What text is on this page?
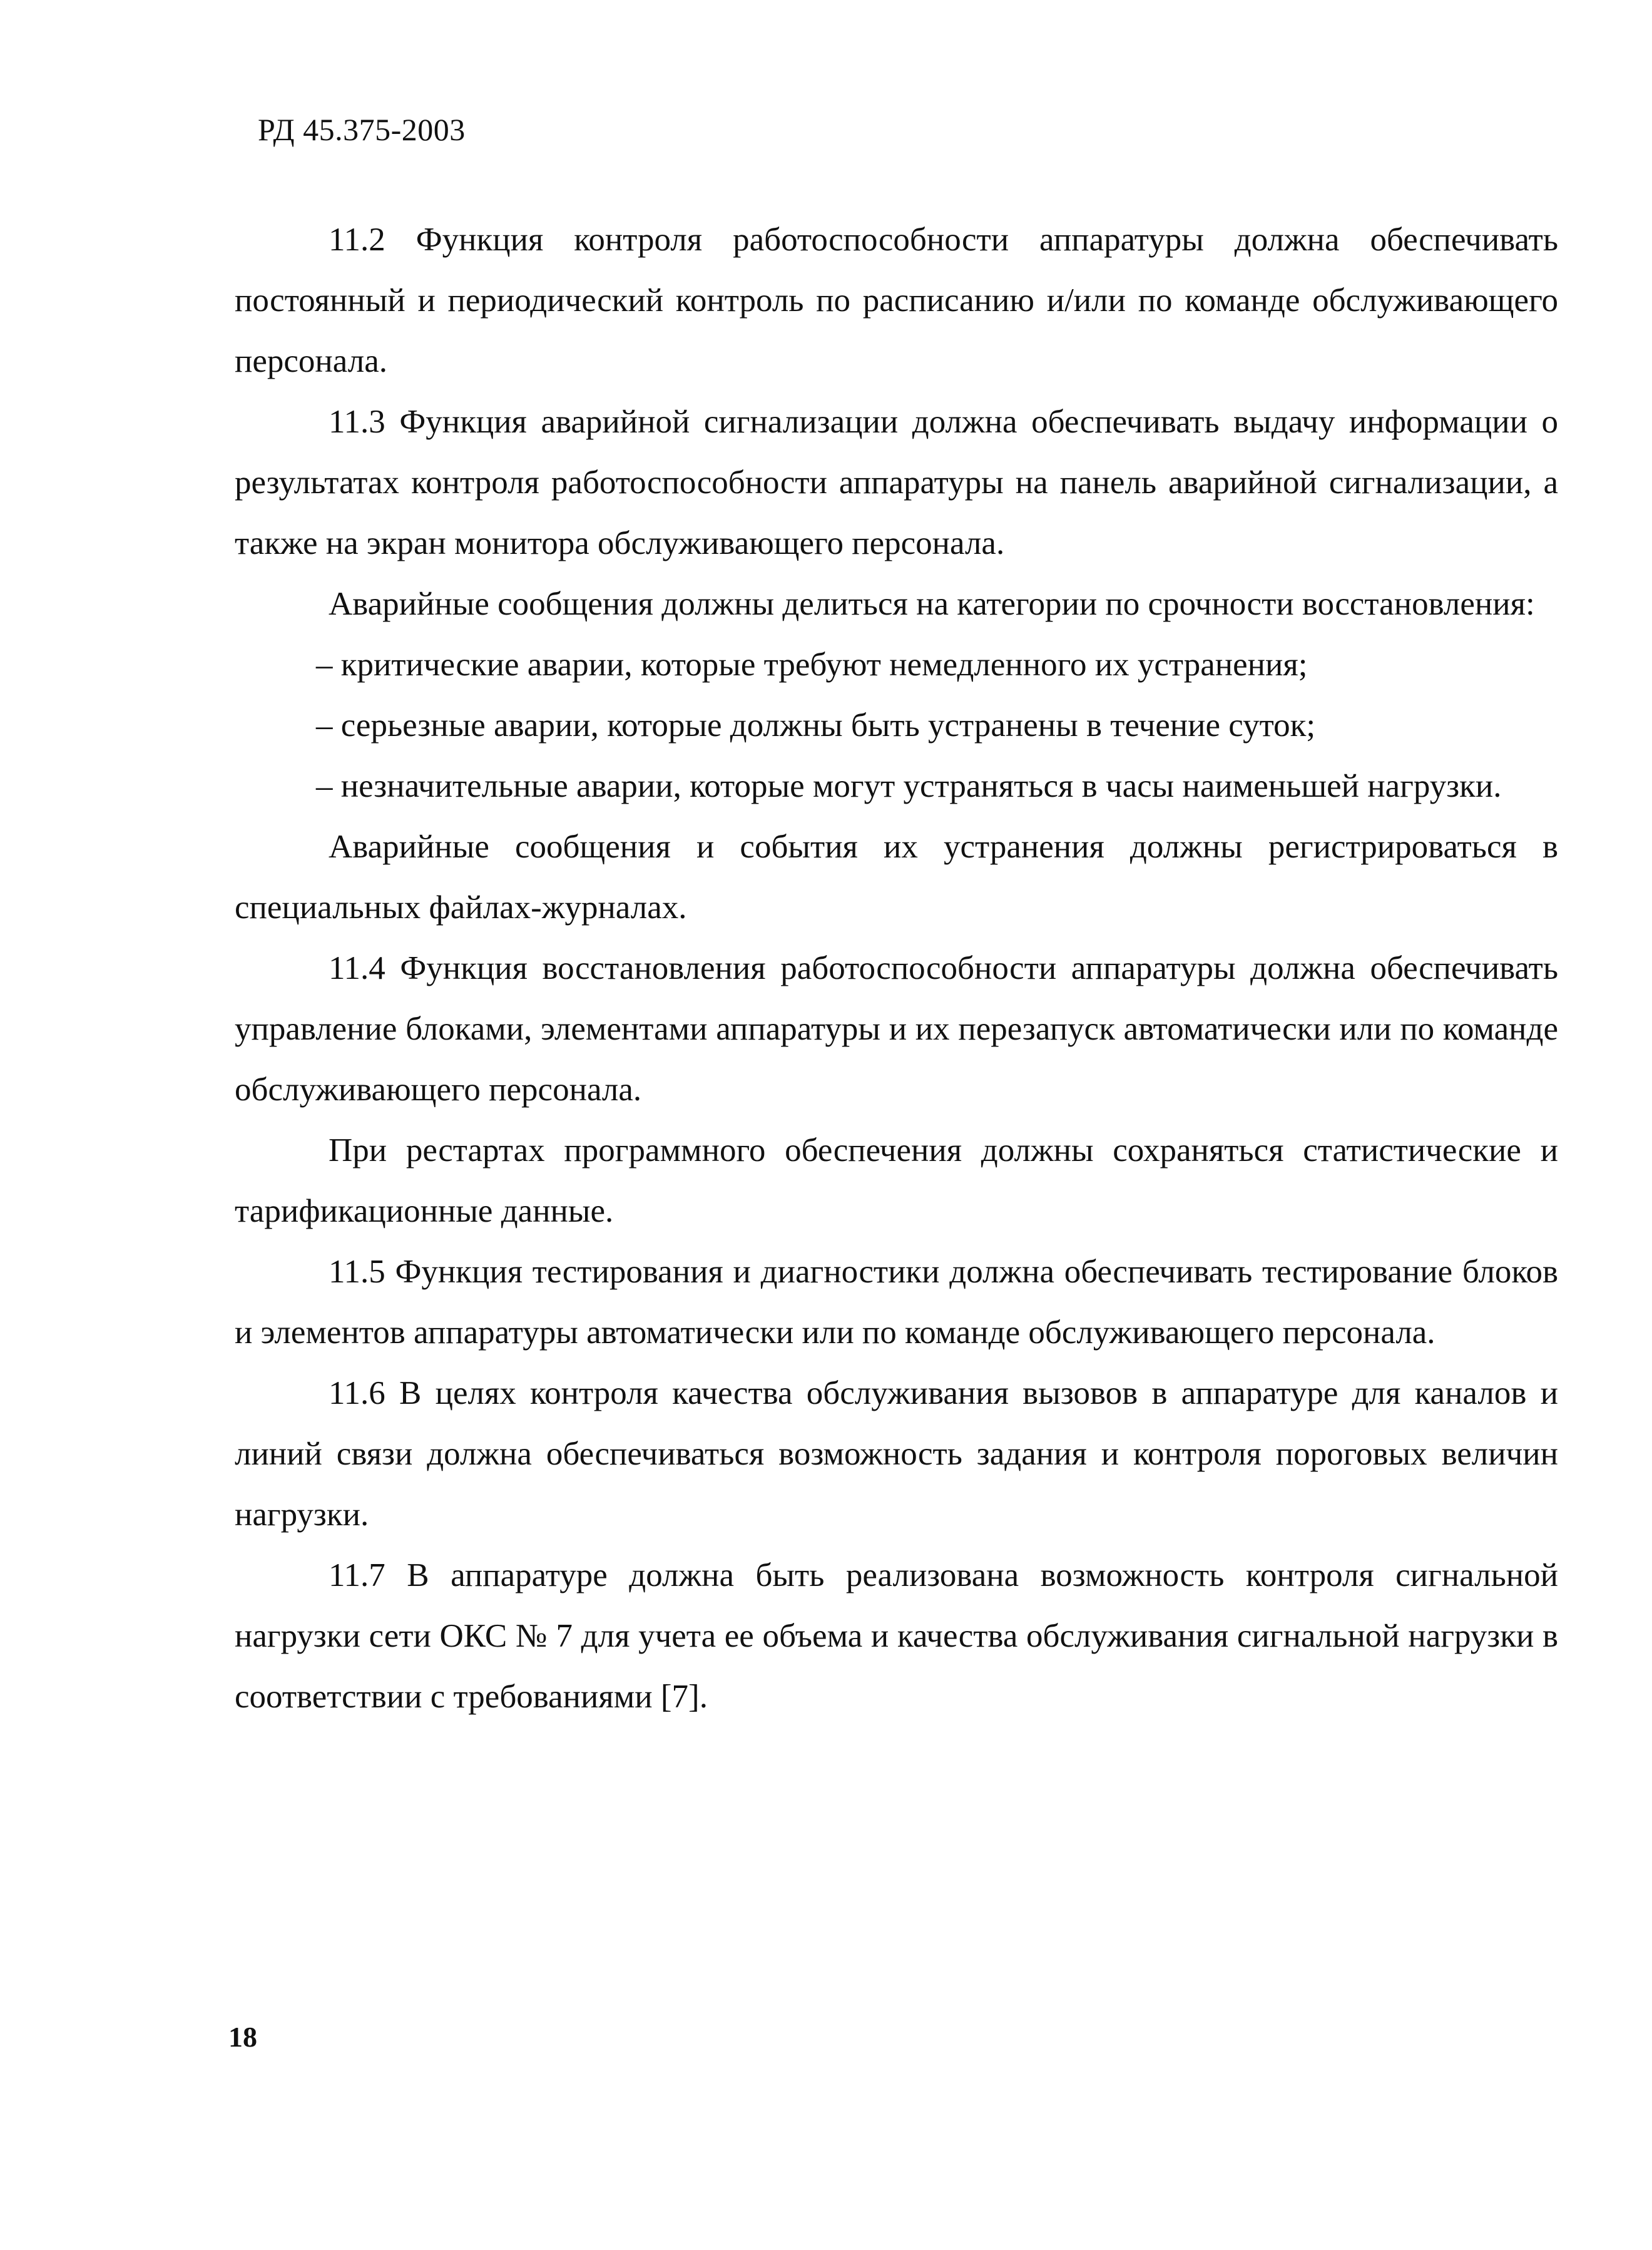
РД 45.375-2003

11.2 Функция контроля работоспособности аппаратуры должна обеспечивать постоянный и периодический контроль по расписанию и/или по команде обслуживающего персонала.

11.3 Функция аварийной сигнализации должна обеспечивать выдачу информации о результатах контроля работоспособности аппаратуры на панель аварийной сигнализации, а также на экран монитора обслуживающего персонала.

Аварийные сообщения должны делиться на категории по срочности восстановления:

– критические аварии, которые требуют немедленного их устранения;

– серьезные аварии, которые должны быть устранены в течение суток;

– незначительные аварии, которые могут устраняться в часы наименьшей нагрузки.

Аварийные сообщения и события их устранения должны регистрироваться в специальных файлах-журналах.

11.4 Функция восстановления работоспособности аппаратуры должна обеспечивать управление блоками, элементами аппаратуры и их перезапуск автоматически или по команде обслуживающего персонала.

При рестартах программного обеспечения должны сохраняться статистические и тарификационные данные.

11.5 Функция тестирования и диагностики должна обеспечивать тестирование блоков и элементов аппаратуры автоматически или по команде обслуживающего персонала.

11.6 В целях контроля качества обслуживания вызовов в аппаратуре для каналов и линий связи должна обеспечиваться возможность задания и контроля пороговых величин нагрузки.

11.7 В аппаратуре должна быть реализована возможность контроля сигнальной нагрузки сети ОКС № 7 для учета ее объема и качества обслуживания сигнальной нагрузки в соответствии с требованиями [7].

18
